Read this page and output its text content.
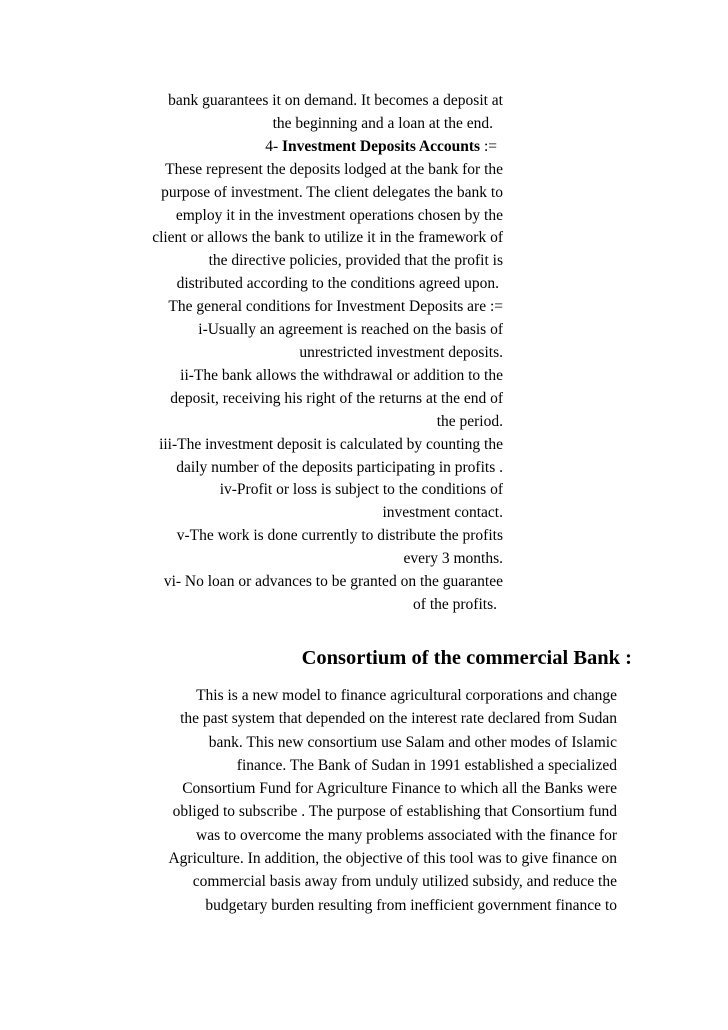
bank guarantees it on demand. It becomes a deposit at
the beginning and a loan at the end.
4- Investment Deposits Accounts :=
These represent the deposits lodged at the bank for the
purpose of investment. The client delegates the bank to
employ it in the investment operations chosen by the
client or allows the bank to utilize it in the framework of
the directive policies, provided that the profit is
distributed according to the conditions agreed upon.
The general conditions for Investment Deposits are :=
i-Usually an agreement is reached on the basis of
unrestricted investment deposits.
ii-The bank allows the withdrawal or addition to the
deposit, receiving his right of the returns at the end of
the period.
iii-The investment deposit is calculated by counting the
daily number of the deposits participating in profits .
iv-Profit or loss is subject to the conditions of
investment contact.
v-The work is done currently to distribute the profits
every 3 months.
vi- No loan or advances to be granted on the guarantee
of the profits.
Consortium of the commercial Bank :
This is a new model to finance agricultural corporations and change
the past system that depended on the interest rate declared from Sudan
bank. This new consortium use Salam and other modes of Islamic
finance. The Bank of Sudan in 1991 established a specialized
Consortium Fund for Agriculture Finance to which all the Banks were
obliged to subscribe . The purpose of establishing that Consortium fund
was to overcome the many problems associated with the finance for
Agriculture. In addition, the objective of this tool was to give finance on
commercial basis away from unduly utilized subsidy, and reduce the
budgetary burden resulting from inefficient government finance to
